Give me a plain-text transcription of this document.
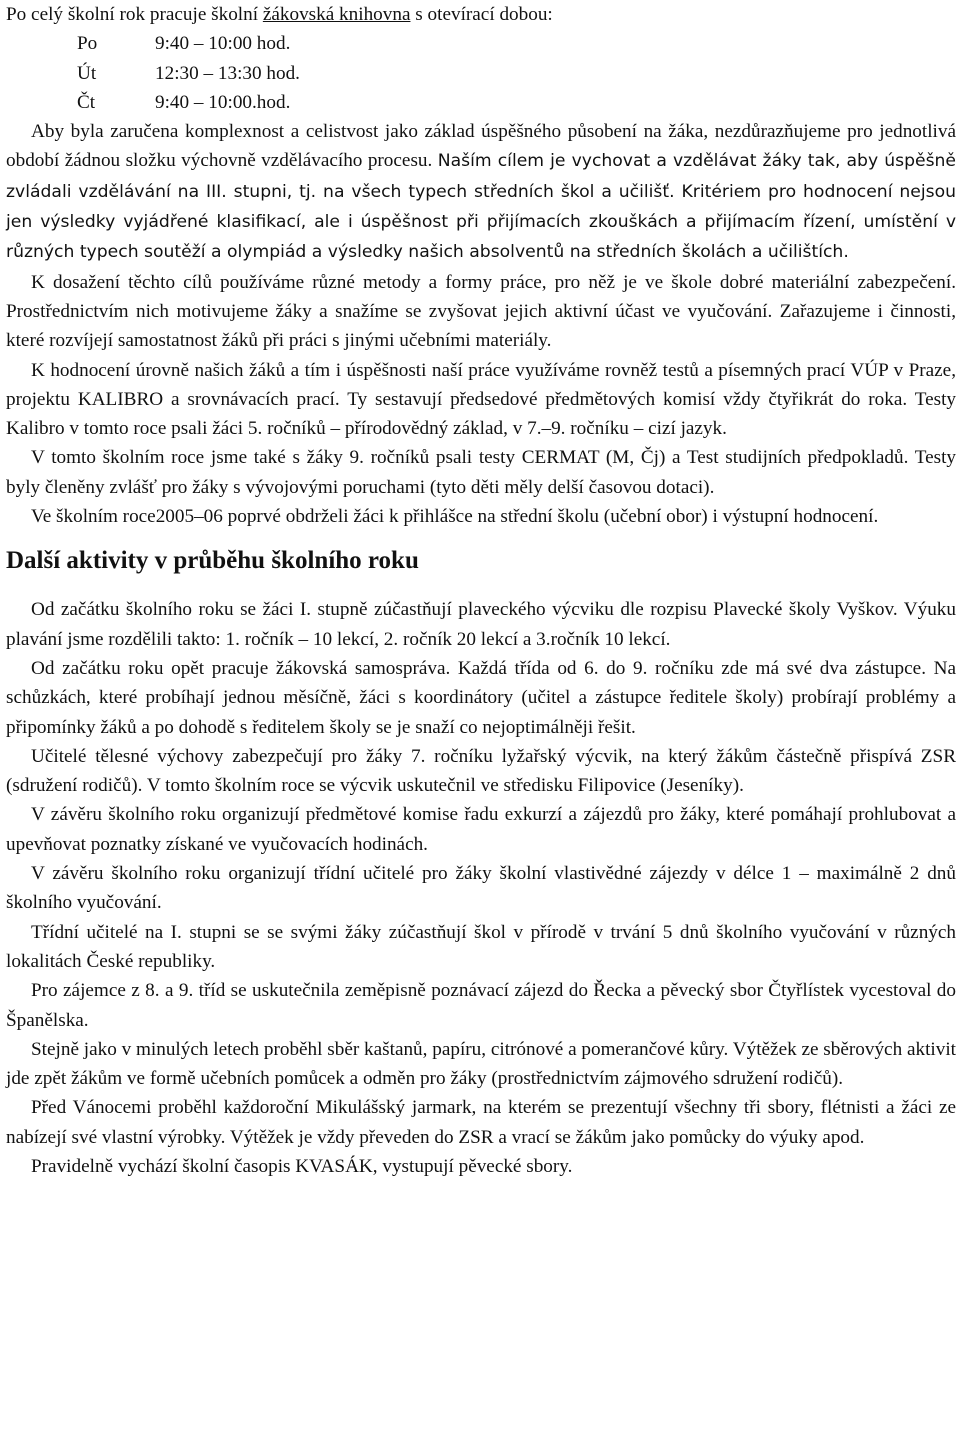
Po celý školní rok pracuje školní žákovská knihovna s otevírací dobou:

Po	9:40 – 10:00 hod.
Út	12:30 – 13:30 hod.
Čt	9:40 – 10:00.hod.

Aby byla zaručena komplexnost a celistvost jako základ úspěšného působení na žáka, nezdůrazňujeme pro jednotlivá období žádnou složku výchovně vzdělávacího procesu. Naším cílem je vychovat a vzdělávat žáky tak, aby úspěšně zvládali vzdělávání na III. stupni, tj. na všech typech středních škol a učilišť. Kritériem pro hodnocení nejsou jen výsledky vyjádřené klasifikací, ale i úspěšnost při přijímacích zkouškách a přijímacím řízení, umístění v různých typech soutěží a olympiád a výsledky našich absolventů na středních školách a učilištích.

K dosažení těchto cílů používáme různé metody a formy práce, pro něž je ve škole dobré materiální zabezpečení. Prostřednictvím nich motivujeme žáky a snažíme se zvyšovat jejich aktivní účast ve vyučování. Zařazujeme i činnosti, které rozvíjejí samostatnost žáků při práci s jinými učebními materiály.

K hodnocení úrovně našich žáků a tím i úspěšnosti naší práce využíváme rovněž testů a písemných prací VÚP v Praze, projektu KALIBRO a srovnávacích prací. Ty sestavují předsedové předmětových komisí vždy čtyřikrát do roka. Testy Kalibro v tomto roce psali žáci 5. ročníků – přírodovědný základ, v 7.–9. ročníku – cizí jazyk.

V tomto školním roce jsme také s žáky 9. ročníků psali testy CERMAT (M, Čj) a Test studijních předpokladů. Testy byly členěny zvlášť pro žáky s vývojovými poruchami (tyto děti měly delší časovou dotaci).

Ve školním roce2005–06 poprvé obdrželi žáci k přihlášce na střední školu (učební obor) i výstupní hodnocení.

Další aktivity v průběhu školního roku

Od začátku školního roku se žáci I. stupně zúčastňují plaveckého výcviku dle rozpisu Plavecké školy Vyškov. Výuku plavání jsme rozdělili takto: 1. ročník – 10 lekcí, 2. ročník 20 lekcí a 3.ročník 10 lekcí.

Od začátku roku opět pracuje žákovská samospráva. Každá třída od 6. do 9. ročníku zde má své dva zástupce. Na schůzkách, které probíhají jednou měsíčně, žáci s koordinátory (učitel a zástupce ředitele školy) probírají problémy a připomínky žáků a po dohodě s ředitelem školy se je snaží co nejoptimálněji řešit.

Učitelé tělesné výchovy zabezpečují pro žáky 7. ročníku lyžařský výcvik, na který žákům částečně přispívá ZSR (sdružení rodičů). V tomto školním roce se výcvik uskutečnil ve středisku Filipovice (Jeseníky).

V závěru školního roku organizují předmětové komise řadu exkurzí a zájezdů pro žáky, které pomáhají prohlubovat a upevňovat poznatky získané ve vyučovacích hodinách.

V závěru školního roku organizují třídní učitelé pro žáky školní vlastivědné zájezdy v délce 1 – maximálně 2 dnů školního vyučování.

Třídní učitelé na I. stupni se se svými žáky zúčastňují škol v přírodě v trvání 5 dnů školního vyučování v různých lokalitách České republiky.

Pro zájemce z 8. a 9. tříd se uskutečnila zeměpisně poznávací zájezd do Řecka a pěvecký sbor Čtyřlístek vycestoval do Španělska.

Stejně jako v minulých letech proběhl sběr kaštanů, papíru, citrónové a pomerančové kůry. Výtěžek ze sběrových aktivit jde zpět žákům ve formě učebních pomůcek a odměn pro žáky (prostřednictvím zájmového sdružení rodičů).

Před Vánocemi proběhl každoroční Mikulášský jarmark, na kterém se prezentují všechny tři sbory, flétnisti a žáci ze nabízejí své vlastní výrobky. Výtěžek je vždy převeden do ZSR a vrací se žákům jako pomůcky do výuky apod.

Pravidelně vychází školní časopis KVASÁK, vystupují pěvecké sbory.
